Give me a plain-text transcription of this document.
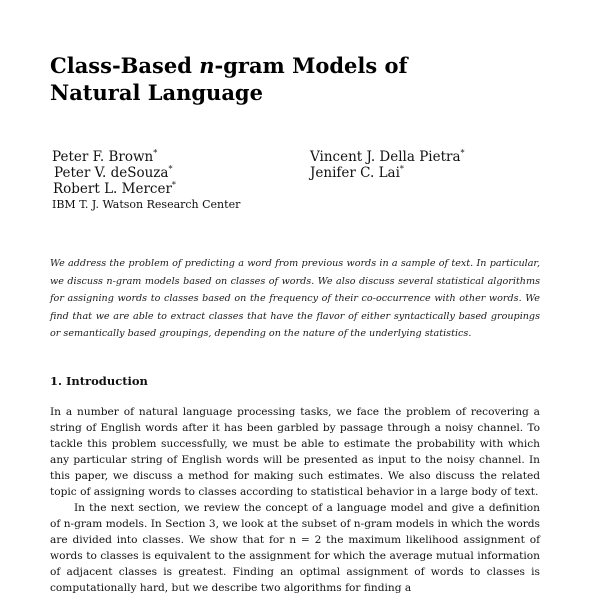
Class-Based n-gram Models of Natural Language

Peter F. Brown*

Peter V. deSouza*

Robert L. Mercer*

IBM T. J. Watson Research Center

Vincent J. Della Pietra*

Jenifer C. Lai*

We address the problem of predicting a word from previous words in a sample of text. In particular, we discuss n-gram models based on classes of words. We also discuss several statistical algorithms for assigning words to classes based on the frequency of their co-occurrence with other words. We find that we are able to extract classes that have the flavor of either syntactically based groupings or semantically based groupings, depending on the nature of the underlying statistics.

1. Introduction

In a number of natural language processing tasks, we face the problem of recovering a string of English words after it has been garbled by passage through a noisy channel. To tackle this problem successfully, we must be able to estimate the probability with which any particular string of English words will be presented as input to the noisy channel. In this paper, we discuss a method for making such estimates. We also discuss the related topic of assigning words to classes according to statistical behavior in a large body of text.

In the next section, we review the concept of a language model and give a definition of n-gram models. In Section 3, we look at the subset of n-gram models in which the words are divided into classes. We show that for n = 2 the maximum likelihood assignment of words to classes is equivalent to the assignment for which the average mutual information of adjacent classes is greatest. Finding an optimal assignment of words to classes is computationally hard, but we describe two algorithms for finding a
